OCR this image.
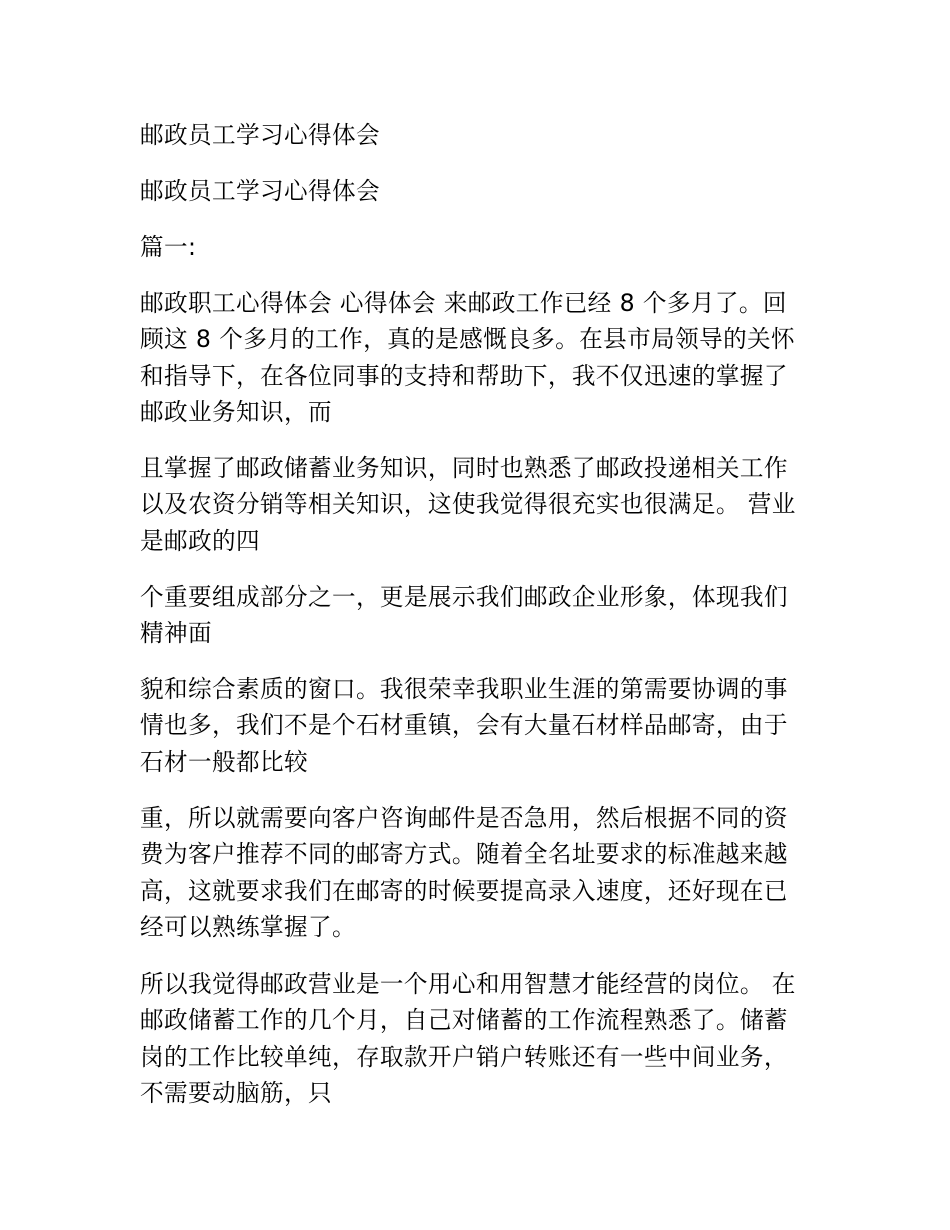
邮政员工学习心得体会

邮政员工学习心得体会

篇一:

邮政职工心得体会 心得体会 来邮政工作已经 8 个多月了。回

顾这 8 个多月的工作，真的是感慨良多。在县市局领导的关怀

和指导下，在各位同事的支持和帮助下，我不仅迅速的掌握了

邮政业务知识，而

且掌握了邮政储蓄业务知识，同时也熟悉了邮政投递相关工作

以及农资分销等相关知识，这使我觉得很充实也很满足。 营业

是邮政的四

个重要组成部分之一，更是展示我们邮政企业形象，体现我们

精神面

貌和综合素质的窗口。我很荣幸我职业生涯的第需要协调的事

情也多，我们不是个石材重镇，会有大量石材样品邮寄，由于

石材一般都比较

重，所以就需要向客户咨询邮件是否急用，然后根据不同的资

费为客户推荐不同的邮寄方式。随着全名址要求的标准越来越

高，这就要求我们在邮寄的时候要提高录入速度，还好现在已

经可以熟练掌握了。

所以我觉得邮政营业是一个用心和用智慧才能经营的岗位。 在

邮政储蓄工作的几个月，自己对储蓄的工作流程熟悉了。储蓄

岗的工作比较单纯，存取款开户销户转账还有一些中间业务，

不需要动脑筋，只
